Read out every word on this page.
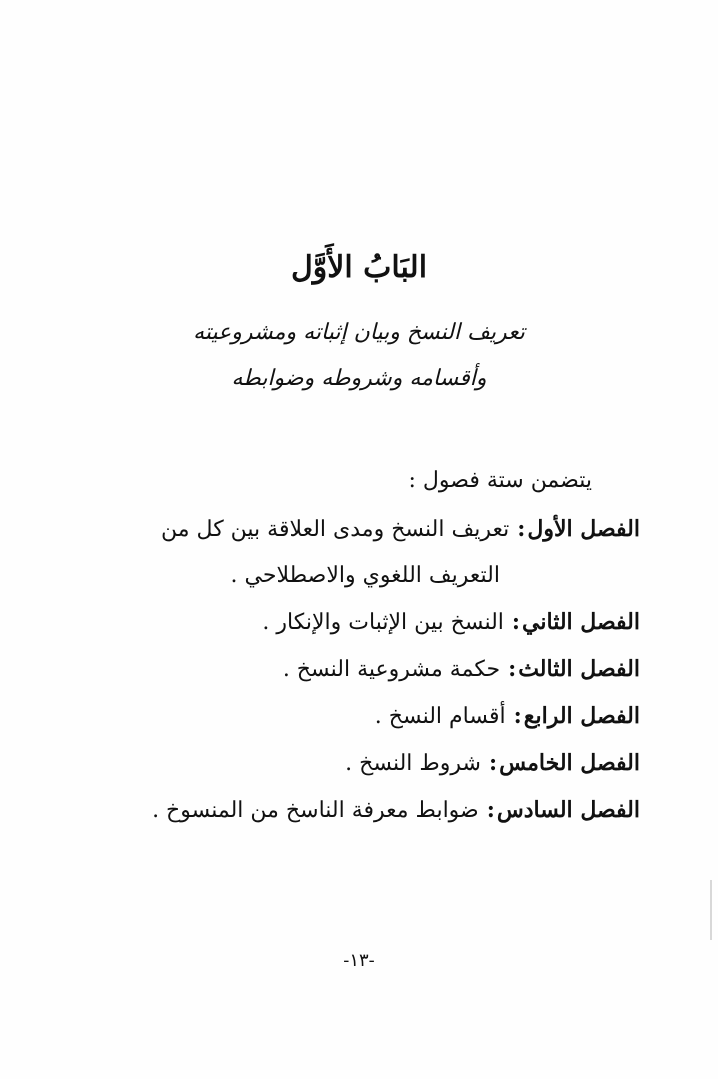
البَابُ الأَوَّل
تعريف النسخ وبيان إثباته ومشروعيته
وأقسامه وشروطه وضوابطه
يتضمن ستة فصول :
الفصل الأول:تعريف النسخ ومدى العلاقة بين كل من
التعريف اللغوي والاصطلاحي .
الفصل الثاني:النسخ بين الإثبات والإنكار .
الفصل الثالث:حكمة مشروعية النسخ .
الفصل الرابع:أقسام النسخ .
الفصل الخامس:شروط النسخ .
الفصل السادس:ضوابط معرفة الناسخ من المنسوخ .
-١٣-
